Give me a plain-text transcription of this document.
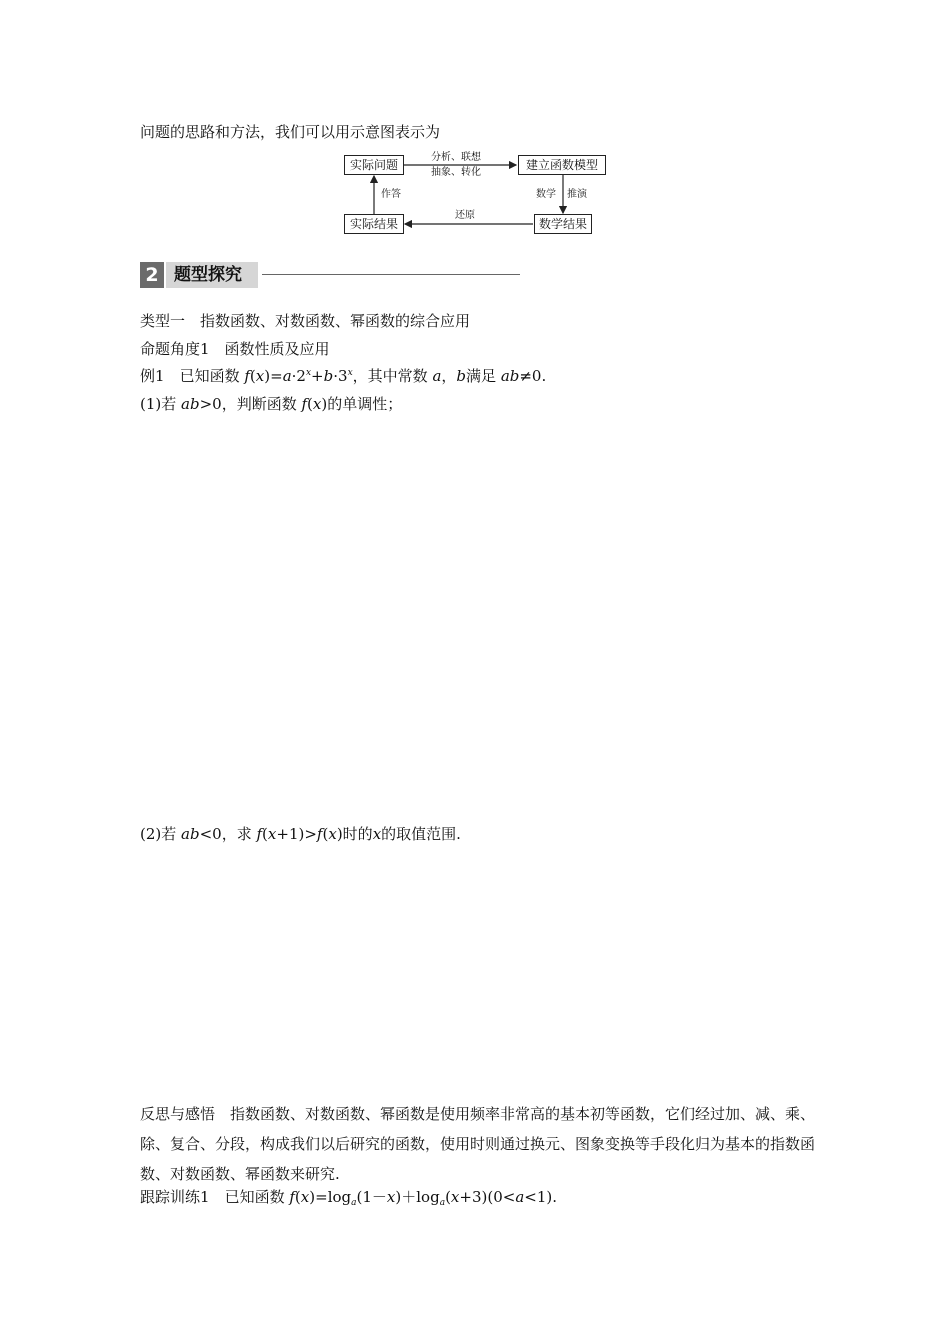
问题的思路和方法，我们可以用示意图表示为
实际问题	建立函数模型
实际结果	数学结果
分析、联想
抽象、转化
数学 推演
还原
作答
2 题型探究
类型一　指数函数、对数函数、幂函数的综合应用
命题角度1　函数性质及应用
例1　 已知函数 $f(x)=a\cdot 2^x+b\cdot 3^x$，其中常数 a，b满足 ab≠0.
(1)若 ab>0，判断函数 f(x)的单调性；
(2)若 ab<0，求 f(x+1)>f(x)时的x的取值范围.
反思与感悟　指数函数、对数函数、幂函数是使用频率非常高的基本初等函数，它们经过加、减、乘、除、复合、分段，构成我们以后研究的函数，使用时则通过换元、图象变换等手段化归为基本的指数函数、对数函数、幂函数来研究.
跟踪训练1　 已知函数 $f(x)=\log_a(1-x)+\log_a(x+3)(0<a<1)$.
